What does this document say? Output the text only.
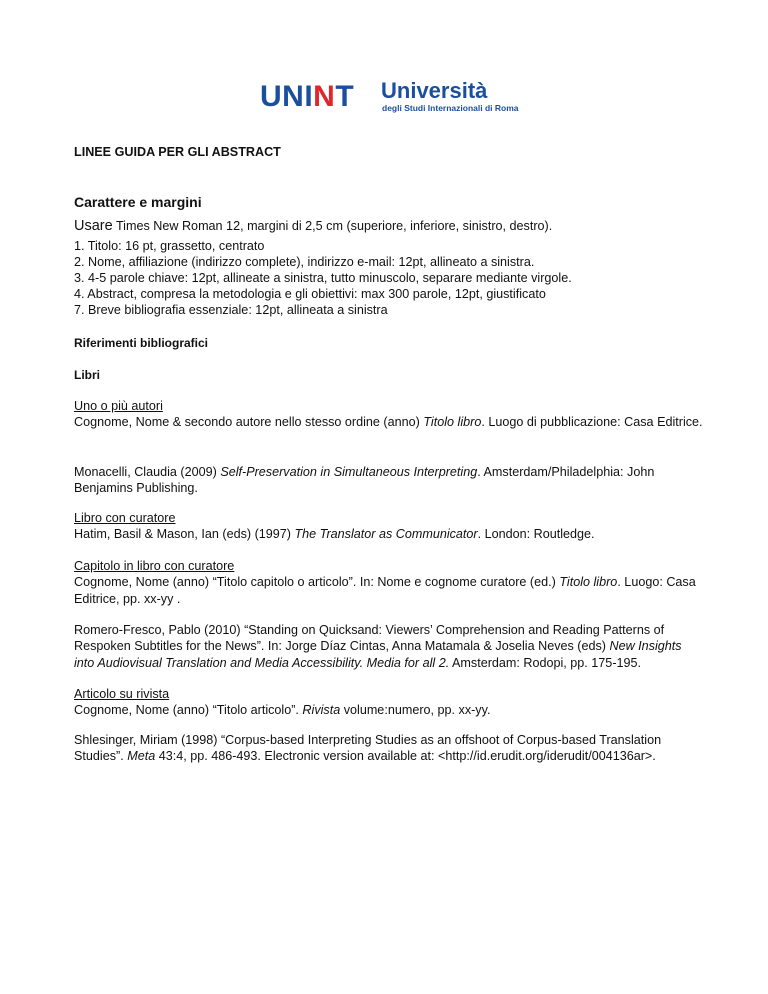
UNINT Università
degli Studi Internazionali di Roma
LINEE GUIDA PER GLI ABSTRACT
Carattere e margini
Usare Times New Roman 12, margini di 2,5 cm (superiore, inferiore, sinistro, destro).
1. Titolo: 16 pt, grassetto, centrato
2. Nome, affiliazione (indirizzo complete), indirizzo e-mail: 12pt, allineato a sinistra.
3. 4-5 parole chiave: 12pt, allineate a sinistra, tutto minuscolo, separare mediante virgole.
4. Abstract, compresa la metodologia e gli obiettivi: max 300 parole, 12pt, giustificato
7. Breve bibliografia essenziale: 12pt, allineata a sinistra
Riferimenti bibliografici
Libri
Uno o più autori
Cognome, Nome & secondo autore nello stesso ordine (anno) Titolo libro. Luogo di pubblicazione: Casa Editrice.
Monacelli, Claudia (2009) Self-Preservation in Simultaneous Interpreting. Amsterdam/Philadelphia: John Benjamins Publishing.
Libro con curatore
Hatim, Basil & Mason, Ian (eds) (1997) The Translator as Communicator. London: Routledge.
Capitolo in libro con curatore
Cognome, Nome (anno) “Titolo capitolo o articolo”. In: Nome e cognome curatore (ed.) Titolo libro. Luogo: Casa Editrice, pp. xx-yy .
Romero-Fresco, Pablo (2010) “Standing on Quicksand: Viewers’ Comprehension and Reading Patterns of Respoken Subtitles for the News”. In: Jorge Díaz Cintas, Anna Matamala & Joselia Neves (eds) New Insights into Audiovisual Translation and Media Accessibility. Media for all 2. Amsterdam: Rodopi, pp. 175-195.
Articolo su rivista
Cognome, Nome (anno) “Titolo articolo”. Rivista volume:numero, pp. xx-yy.
Shlesinger, Miriam (1998) “Corpus-based Interpreting Studies as an offshoot of Corpus-based Translation Studies”. Meta 43:4, pp. 486-493. Electronic version available at: <http://id.erudit.org/iderudit/004136ar>.
